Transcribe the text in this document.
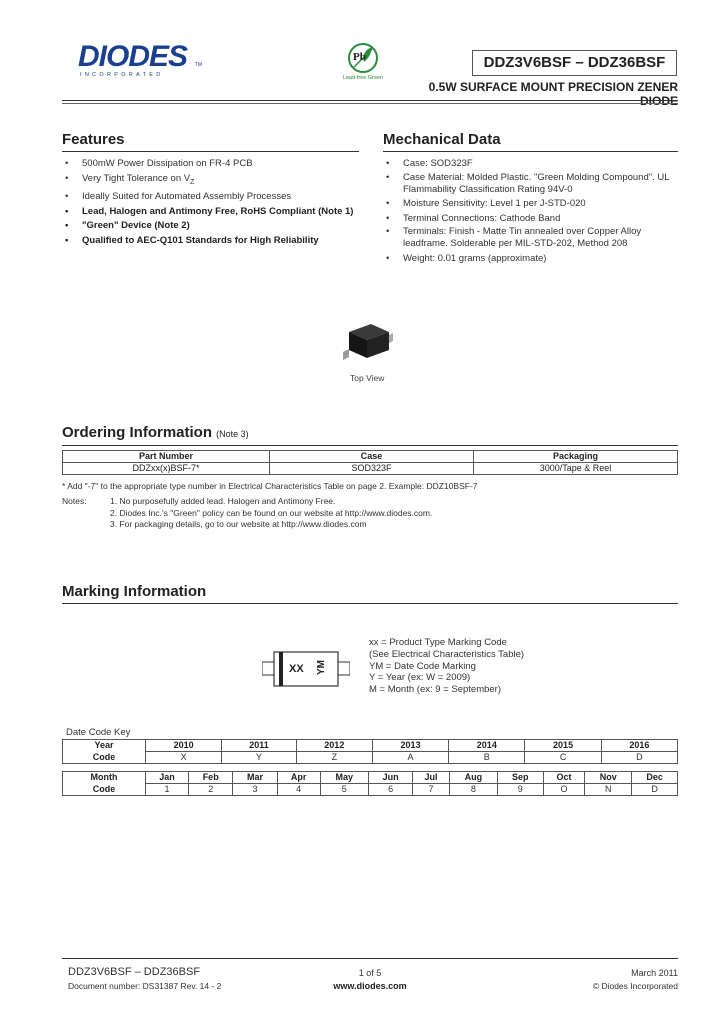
DIODES
INCORPORATED
TM
Pb
Lead-free Green
DDZ3V6BSF – DDZ36BSF
0.5W SURFACE MOUNT PRECISION ZENER DIODE
Features
• 500mW Power Dissipation on FR-4 PCB
• Very Tight Tolerance on $V_Z$
• Ideally Suited for Automated Assembly Processes
• Lead, Halogen and Antimony Free, RoHS Compliant (Note 1)
• "Green" Device (Note 2)
• Qualified to AEC-Q101 Standards for High Reliability
Mechanical Data
• Case: SOD323F
• Case Material: Molded Plastic. "Green Molding Compound". UL Flammability Classification Rating 94V-0
• Moisture Sensitivity: Level 1 per J-STD-020
• Terminal Connections: Cathode Band
• Terminals: Finish - Matte Tin annealed over Copper Alloy leadframe. Solderable per MIL-STD-202, Method 208
• Weight: 0.01 grams (approximate)
Top View
Ordering Information (Note 3)
Part Number	Case	Packaging
DDZxx(x)BSF-7*	SOD323F	3000/Tape & Reel
* Add "-7" to the appropriate type number in Electrical Characteristics Table on page 2. Example: DDZ10BSF-7
Notes:	1. No purposefully added lead. Halogen and Antimony Free.
2. Diodes Inc.'s "Green" policy can be found on our website at http://www.diodes.com.
3. For packaging details, go to our website at http://www.diodes.com
Marking Information
XX YM
xx = Product Type Marking Code
(See Electrical Characteristics Table)
YM = Date Code Marking
Y = Year (ex: W = 2009)
M = Month (ex: 9 = September)
Date Code Key
Year	2010	2011	2012	2013	2014	2015	2016
Code	X	Y	Z	A	B	C	D
Month	Jan	Feb	Mar	Apr	May	Jun	Jul	Aug	Sep	Oct	Nov	Dec
Code	1	2	3	4	5	6	7	8	9	O	N	D
DDZ3V6BSF – DDZ36BSF
Document number: DS31387 Rev. 14 - 2
1 of 5
www.diodes.com
March 2011
© Diodes Incorporated
